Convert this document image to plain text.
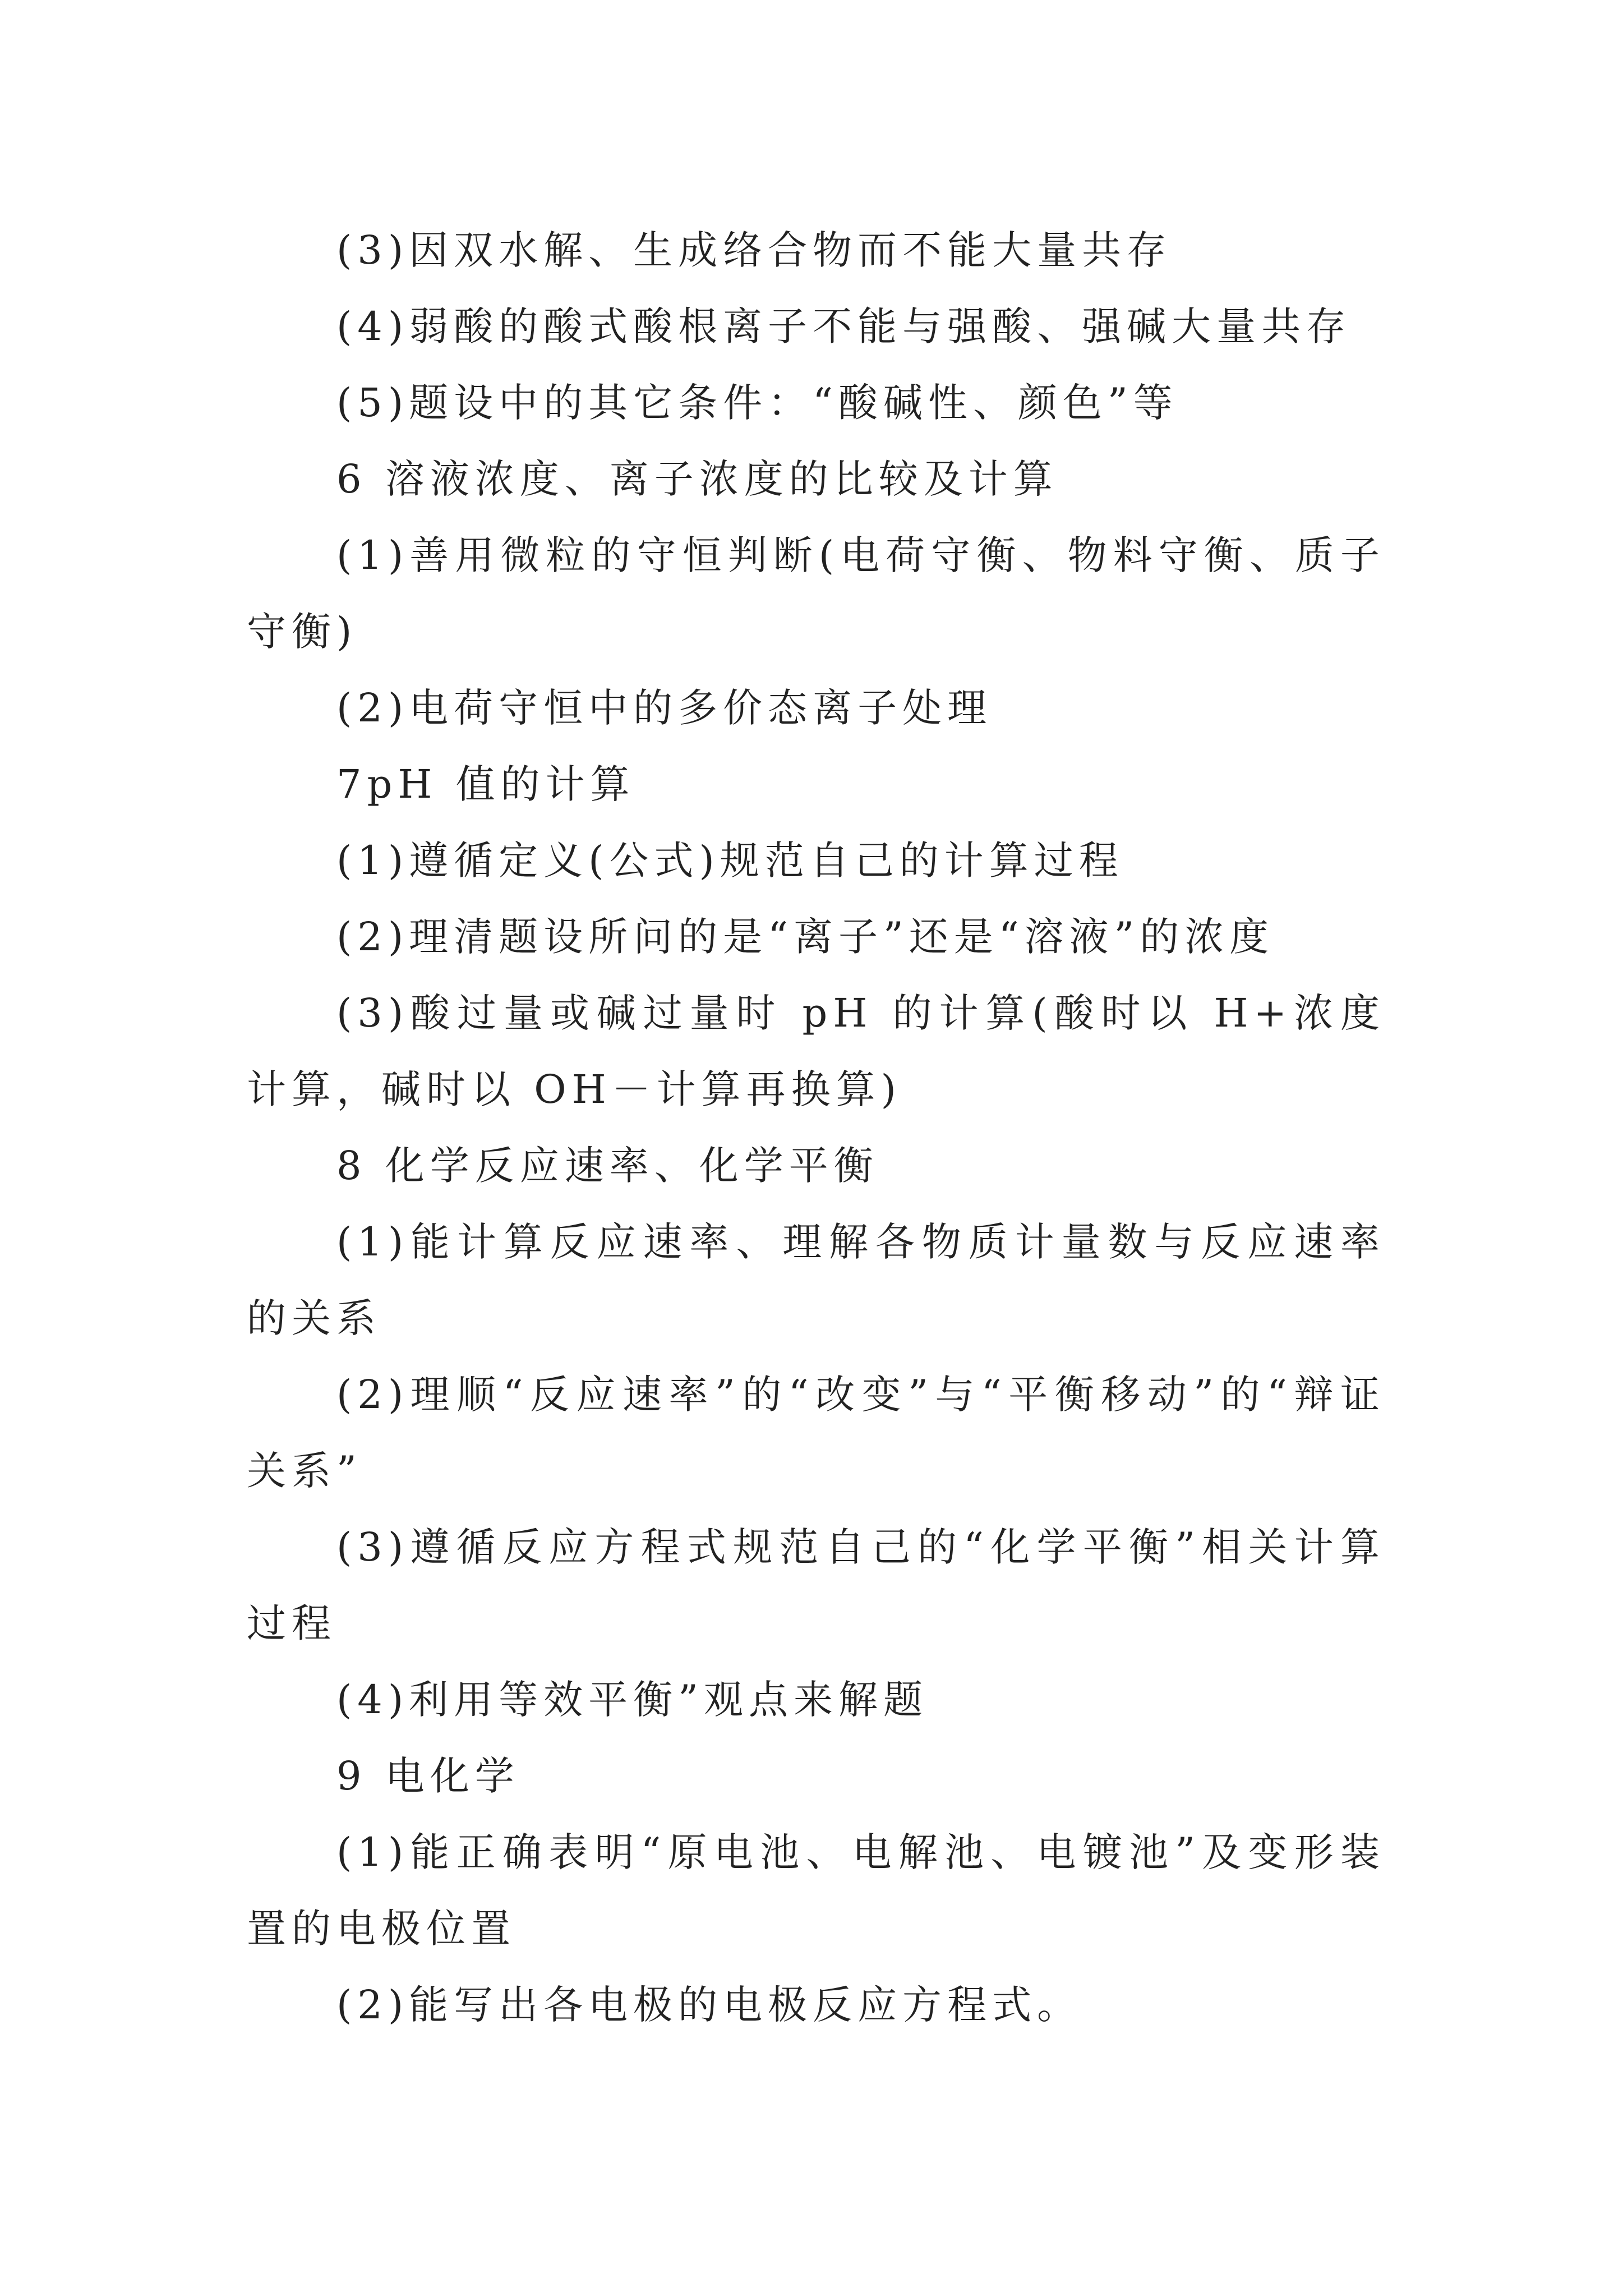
(3)因双水解、生成络合物而不能大量共存

(4)弱酸的酸式酸根离子不能与强酸、强碱大量共存

(5)题设中的其它条件：“酸碱性、颜色”等

6 溶液浓度、离子浓度的比较及计算

(1)善用微粒的守恒判断(电荷守衡、物料守衡、质子守衡)

(2)电荷守恒中的多价态离子处理

7pH 值的计算

(1)遵循定义(公式)规范自己的计算过程

(2)理清题设所问的是“离子”还是“溶液”的浓度

(3)酸过量或碱过量时 pH 的计算(酸时以 H+浓度计算，碱时以 OH－计算再换算)

8 化学反应速率、化学平衡

(1)能计算反应速率、理解各物质计量数与反应速率的关系

(2)理顺“反应速率”的“改变”与“平衡移动”的“辩证关系”

(3)遵循反应方程式规范自己的“化学平衡”相关计算过程

(4)利用等效平衡”观点来解题

9 电化学

(1)能正确表明“原电池、电解池、电镀池”及变形装置的电极位置

(2)能写出各电极的电极反应方程式。
